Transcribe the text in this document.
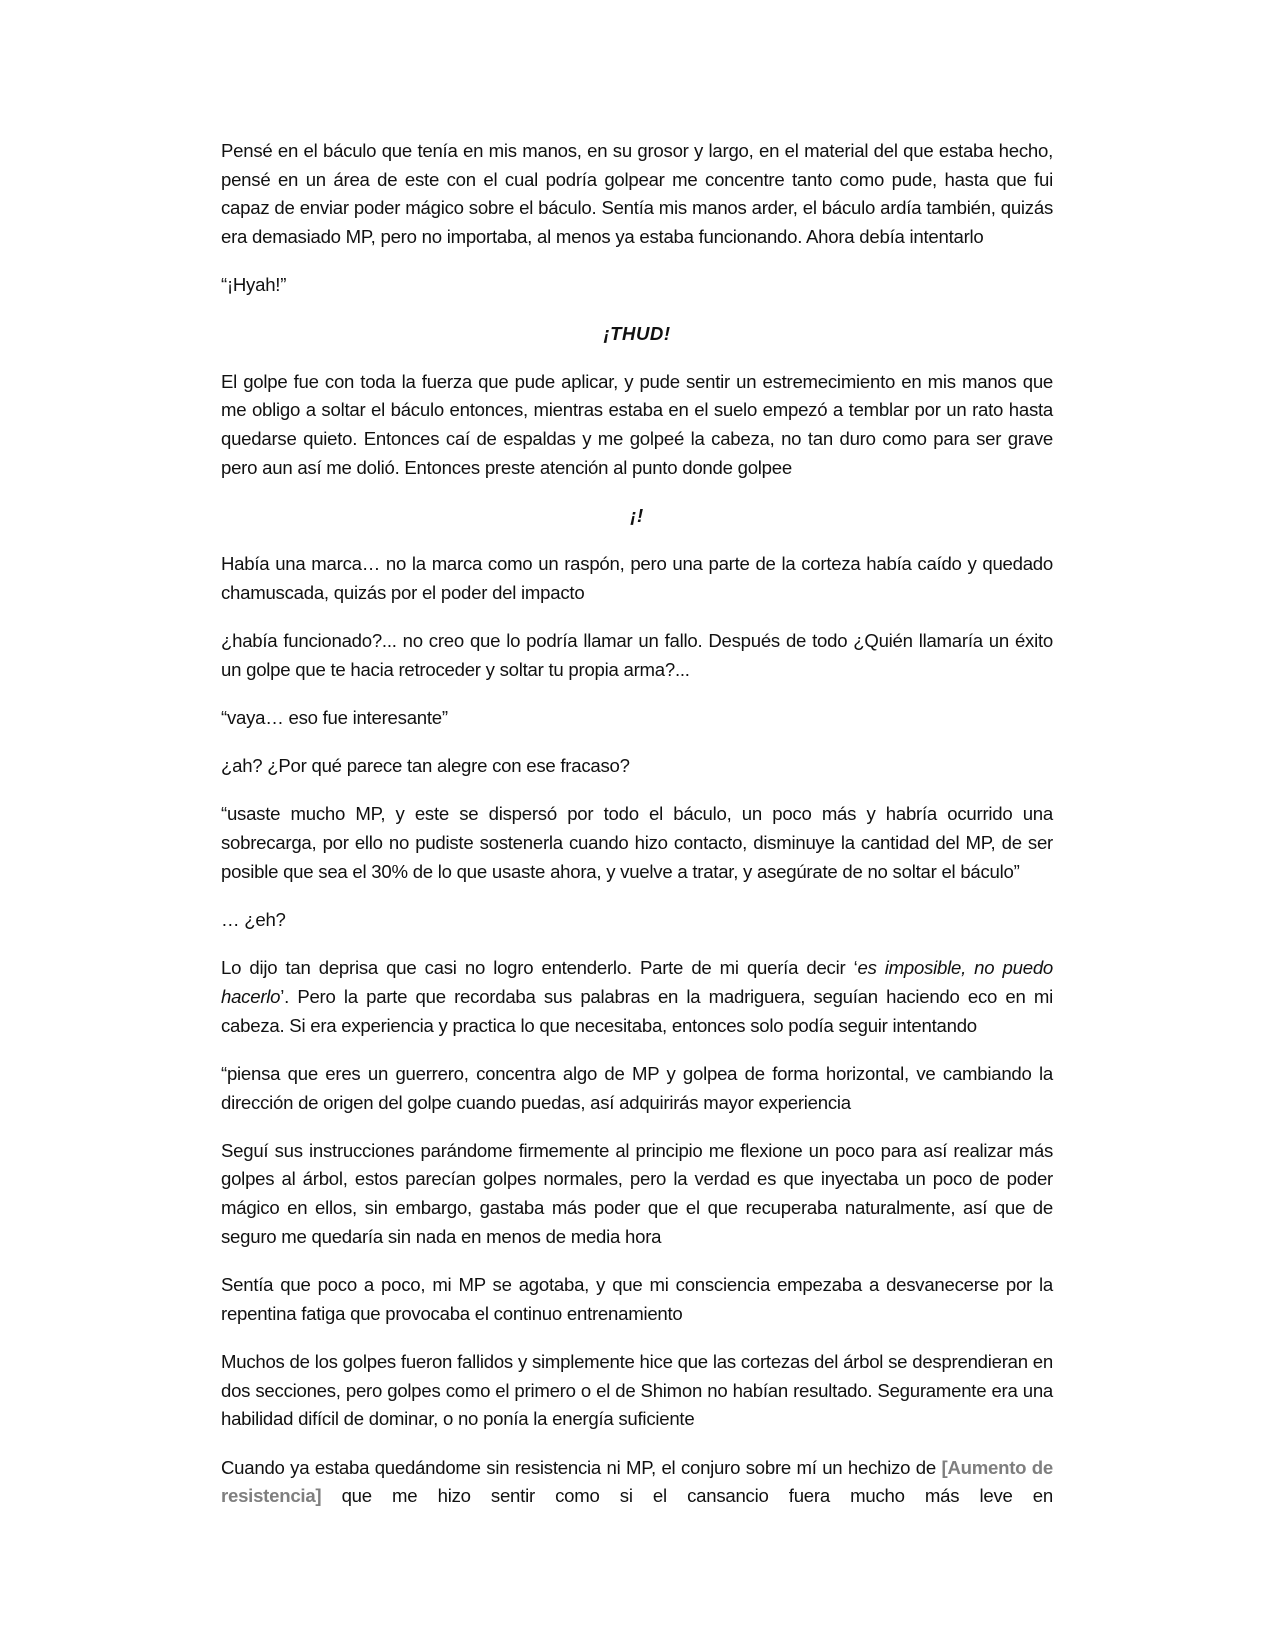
Pensé en el báculo que tenía en mis manos, en su grosor y largo, en el material del que estaba hecho, pensé en un área de este con el cual podría golpear me concentre tanto como pude, hasta que fui capaz de enviar poder mágico sobre el báculo. Sentía mis manos arder, el báculo ardía también, quizás era demasiado MP, pero no importaba, al menos ya estaba funcionando. Ahora debía intentarlo

“¡Hyah!”

¡THUD!

El golpe fue con toda la fuerza que pude aplicar, y pude sentir un estremecimiento en mis manos que me obligo a soltar el báculo entonces, mientras estaba en el suelo empezó a temblar por un rato hasta quedarse quieto. Entonces caí de espaldas y me golpeé la cabeza, no tan duro como para ser grave pero aun así me dolió. Entonces preste atención al punto donde golpee

¡!

Había una marca… no la marca como un raspón, pero una parte de la corteza había caído y quedado chamuscada, quizás por el poder del impacto

¿había funcionado?... no creo que lo podría llamar un fallo. Después de todo ¿Quién llamaría un éxito un golpe que te hacia retroceder y soltar tu propia arma?...

“vaya… eso fue interesante”

¿ah? ¿Por qué parece tan alegre con ese fracaso?

“usaste mucho MP, y este se dispersó por todo el báculo, un poco más y habría ocurrido una sobrecarga, por ello no pudiste sostenerla cuando hizo contacto, disminuye la cantidad del MP, de ser posible que sea el 30% de lo que usaste ahora, y vuelve a tratar, y asegúrate de no soltar el báculo”

… ¿eh?

Lo dijo tan deprisa que casi no logro entenderlo. Parte de mi quería decir ‘es imposible, no puedo hacerlo’. Pero la parte que recordaba sus palabras en la madriguera, seguían haciendo eco en mi cabeza. Si era experiencia y practica lo que necesitaba, entonces solo podía seguir intentando

“piensa que eres un guerrero, concentra algo de MP y golpea de forma horizontal, ve cambiando la dirección de origen del golpe cuando puedas, así adquirirás mayor experiencia

Seguí sus instrucciones parándome firmemente al principio me flexione un poco para así realizar más golpes al árbol, estos parecían golpes normales, pero la verdad es que inyectaba un poco de poder mágico en ellos, sin embargo, gastaba más poder que el que recuperaba naturalmente, así que de seguro me quedaría sin nada en menos de media hora

Sentía que poco a poco, mi MP se agotaba, y que mi consciencia empezaba a desvanecerse por la repentina fatiga que provocaba el continuo entrenamiento

Muchos de los golpes fueron fallidos y simplemente hice que las cortezas del árbol se desprendieran en dos secciones, pero golpes como el primero o el de Shimon no habían resultado. Seguramente era una habilidad difícil de dominar, o no ponía la energía suficiente

Cuando ya estaba quedándome sin resistencia ni MP, el conjuro sobre mí un hechizo de [Aumento de resistencia] que me hizo sentir como si el cansancio fuera mucho más leve en
